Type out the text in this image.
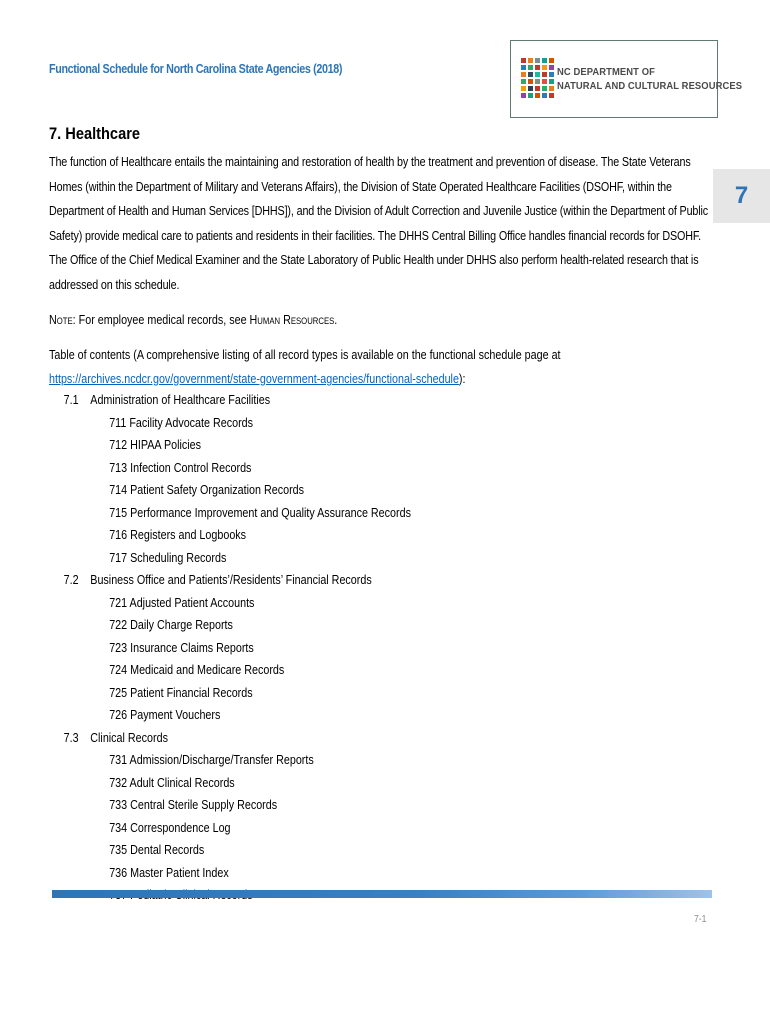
Functional Schedule for North Carolina State Agencies (2018)	NC DEPARTMENT OF
NATURAL AND CULTURAL RESOURCES
7
7. Healthcare

The function of Healthcare entails the maintaining and restoration of health by the treatment and prevention of disease. The State Veterans Homes (within the Department of Military and Veterans Affairs), the Division of State Operated Healthcare Facilities (DSOHF, within the Department of Health and Human Services [DHHS]), and the Division of Adult Correction and Juvenile Justice (within the Department of Public Safety) provide medical care to patients and residents in their facilities. The DHHS Central Billing Office handles financial records for DSOHF. The Office of the Chief Medical Examiner and the State Laboratory of Public Health under DHHS also perform health-related research that is addressed on this schedule.

Note: For employee medical records, see Human Resources.

Table of contents (A comprehensive listing of all record types is available on the functional schedule page at https://archives.ncdcr.gov/government/state-government-agencies/functional-schedule):

7.1 Administration of Healthcare Facilities
711 Facility Advocate Records
712 HIPAA Policies
713 Infection Control Records
714 Patient Safety Organization Records
715 Performance Improvement and Quality Assurance Records
716 Registers and Logbooks
717 Scheduling Records
7.2 Business Office and Patients’/Residents’ Financial Records
721 Adjusted Patient Accounts
722 Daily Charge Reports
723 Insurance Claims Reports
724 Medicaid and Medicare Records
725 Patient Financial Records
726 Payment Vouchers
7.3 Clinical Records
731 Admission/Discharge/Transfer Reports
732 Adult Clinical Records
733 Central Sterile Supply Records
734 Correspondence Log
735 Dental Records
736 Master Patient Index
7-1
